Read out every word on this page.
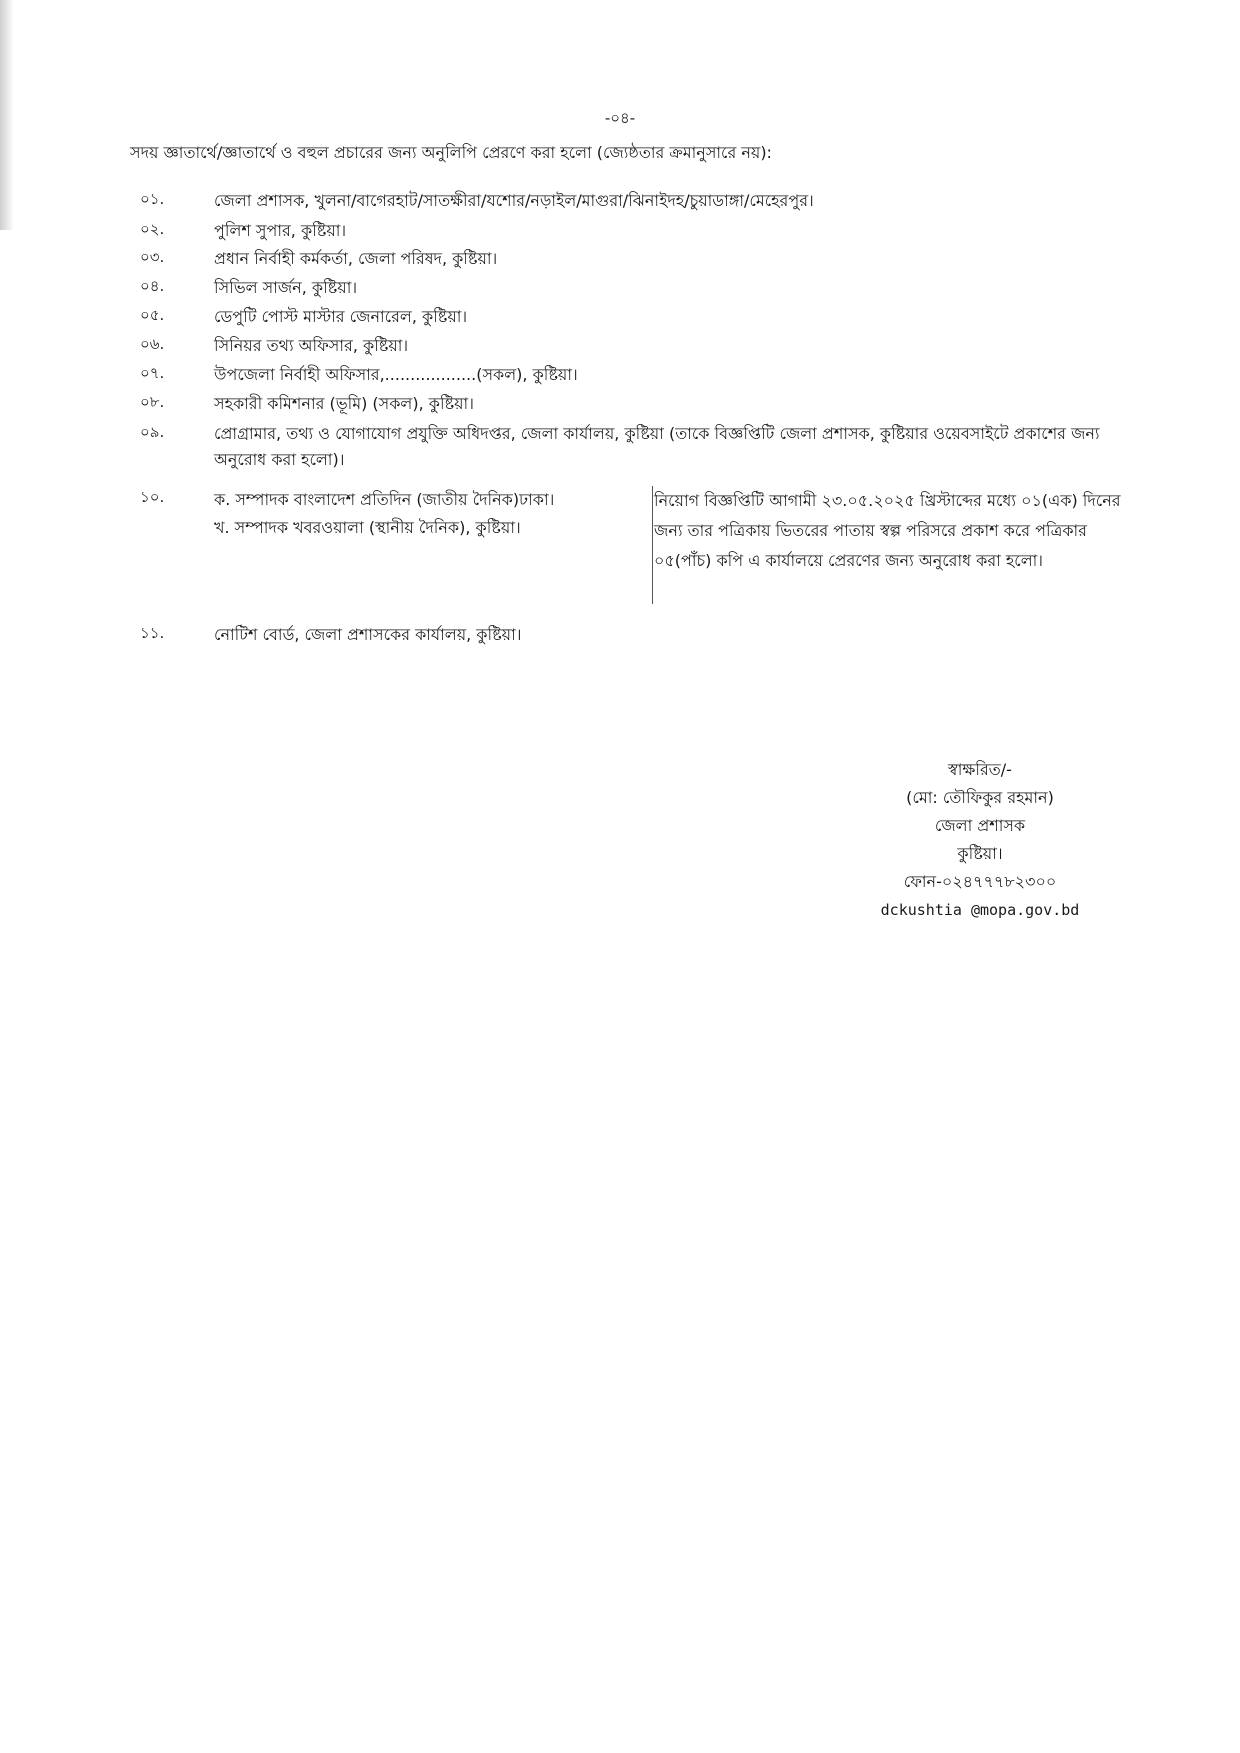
-০৪-
সদয় জ্ঞাতার্থে/জ্ঞাতার্থে ও বহুল প্রচারের জন্য অনুলিপি প্রেরণে করা হলো (জ্যেষ্ঠতার ক্রমানুসারে নয়):
০১.	জেলা প্রশাসক, খুলনা/বাগেরহাট/সাতক্ষীরা/যশোর/নড়াইল/মাগুরা/ঝিনাইদহ/চুয়াডাঙ্গা/মেহেরপুর।
০২.	পুলিশ সুপার, কুষ্টিয়া।
০৩.	প্রধান নির্বাহী কর্মকর্তা, জেলা পরিষদ, কুষ্টিয়া।
০৪.	সিভিল সার্জন, কুষ্টিয়া।
০৫.	ডেপুটি পোস্ট মাস্টার জেনারেল, কুষ্টিয়া।
০৬.	সিনিয়র তথ্য অফিসার, কুষ্টিয়া।
০৭.	উপজেলা নির্বাহী অফিসার,..................(সকল), কুষ্টিয়া।
০৮.	সহকারী কমিশনার (ভূমি) (সকল), কুষ্টিয়া।
০৯.	প্রোগ্রামার, তথ্য ও যোগাযোগ প্রযুক্তি অধিদপ্তর, জেলা কার্যালয়, কুষ্টিয়া (তাকে বিজ্ঞপ্তিটি জেলা প্রশাসক, কুষ্টিয়ার ওয়েবসাইটে প্রকাশের জন্য অনুরোধ করা হলো)।
১০.	ক. সম্পাদক বাংলাদেশ প্রতিদিন (জাতীয় দৈনিক)ঢাকা।
খ. সম্পাদক খবরওয়ালা (স্থানীয় দৈনিক), কুষ্টিয়া।
নিয়োগ বিজ্ঞপ্তিটি আগামী ২৩.০৫.২০২৫ খ্রিস্টাব্দের মধ্যে ০১(এক) দিনের জন্য তার পত্রিকায় ভিতরের পাতায় স্বল্প পরিসরে প্রকাশ করে পত্রিকার ০৫(পাঁচ) কপি এ কার্যালয়ে প্রেরণের জন্য অনুরোধ করা হলো।
১১.	নোটিশ বোর্ড, জেলা প্রশাসকের কার্যালয়, কুষ্টিয়া।
স্বাক্ষরিত/-
(মো: তৌফিকুর রহমান)
জেলা প্রশাসক
কুষ্টিয়া।
ফোন-০২৪৭৭৭৮২৩০০
dckushtia @mopa.gov.bd
